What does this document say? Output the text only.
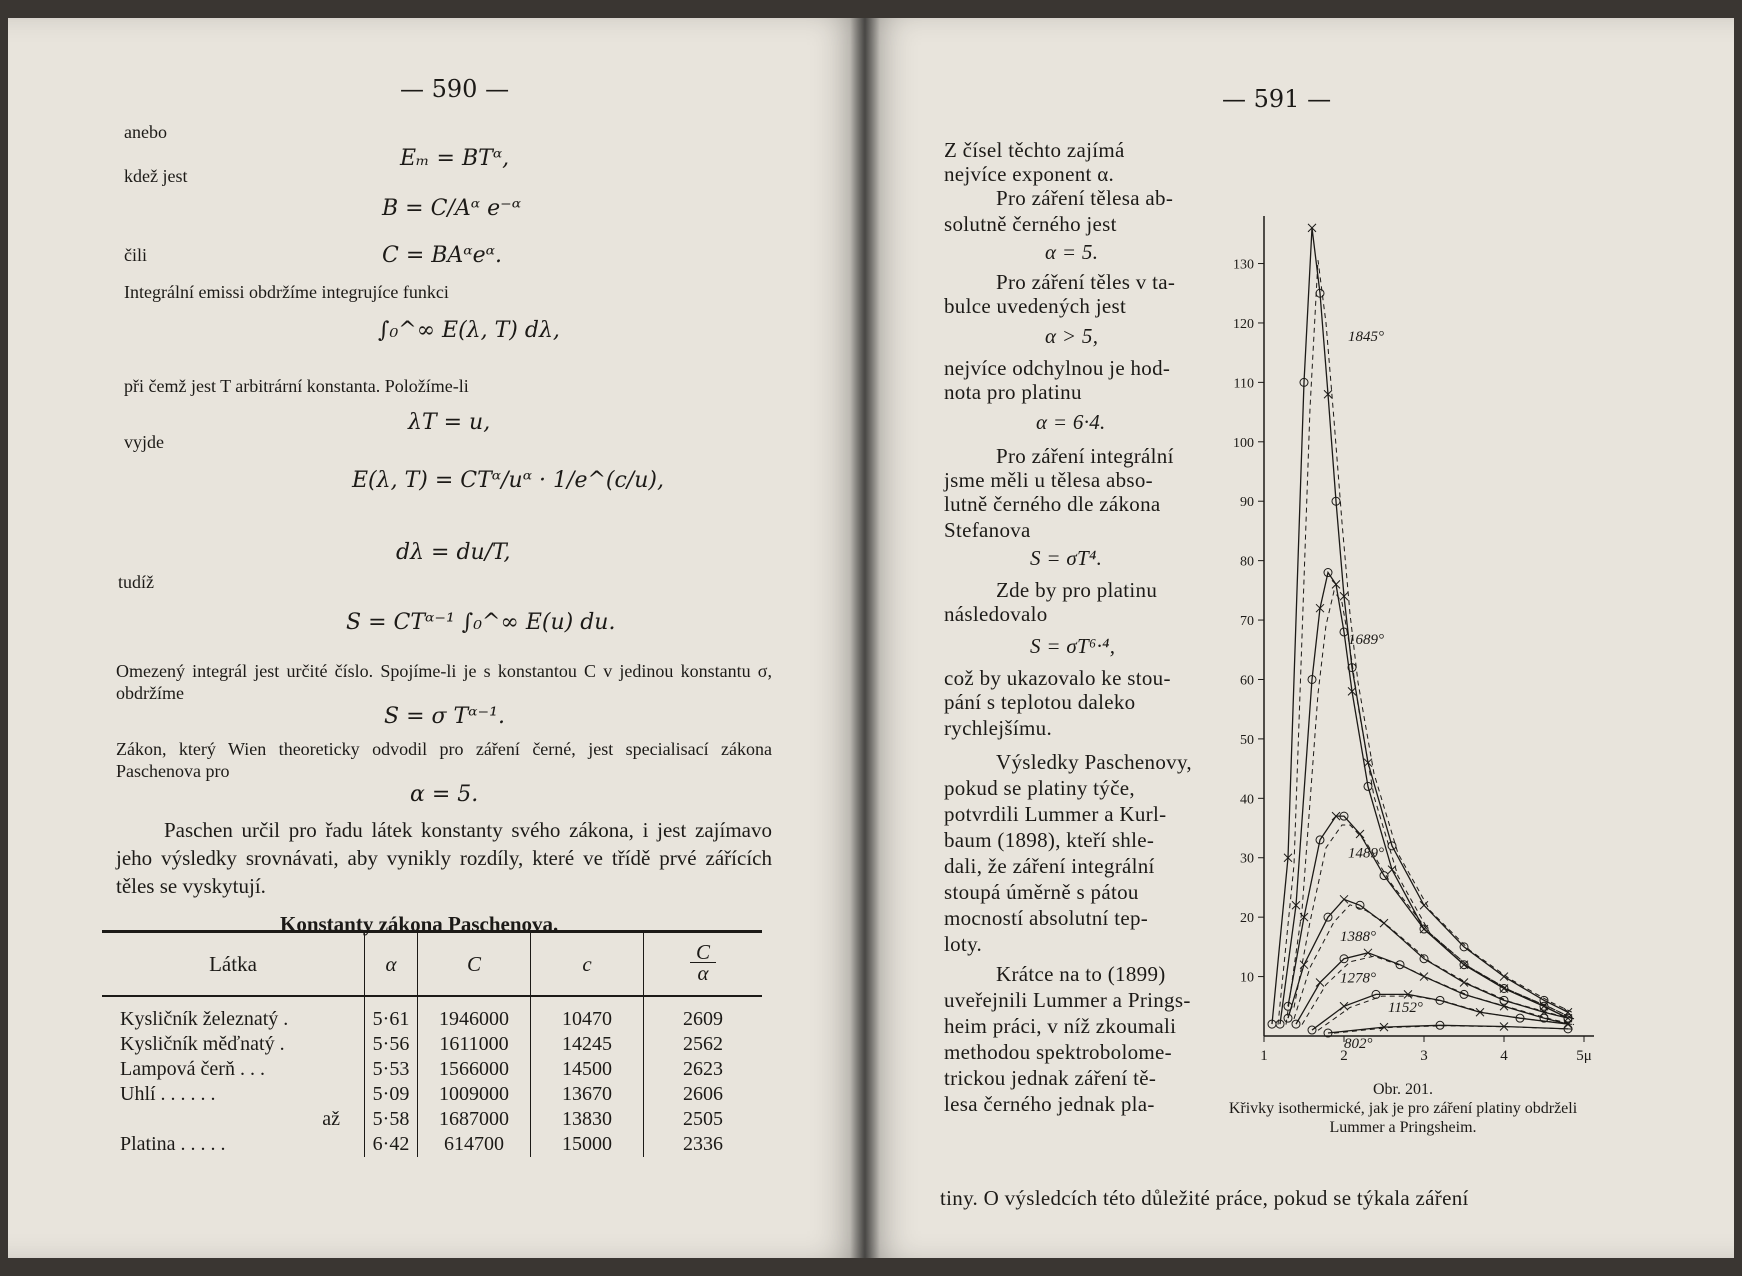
— 590 —
anebo
Eₘ = BTᵅ,
kdež jest
B = C/Aᵅ e⁻ᵅ
čili	C = BAᵅeᵅ.
Integrální emissi obdržíme integrujíce funkci
∫₀^∞ E(λ, T) dλ,
při čemž jest T arbitrární konstanta. Položíme-li
λT = u,
vyjde
E(λ, T) = CTᵅ/uᵅ · 1/e^(c/u),
dλ = du/T,
tudíž
S = CTᵅ⁻¹ ∫₀^∞ E(u) du.
Omezený integrál jest určité číslo. Spojíme-li je s konstantou C v jedinou konstantu σ, obdržíme
S = σ Tᵅ⁻¹.
Zákon, který Wien theoreticky odvodil pro záření černé, jest specialisací zákona Paschenova pro
α = 5.
Paschen určil pro řadu látek konstanty svého zákona, i jest zajímavo jeho výsledky srovnávati, aby vynikly rozdíly, které ve třídě prvé zářících těles se vyskytují.
Konstanty zákona Paschenova.
Látka	α	C	c	$\frac{C}{\alpha}$
Kysličník železnatý .	5·61	1946000	10470	2609
Kysličník měďnatý .	5·56	1611000	14245	2562
Lampová čerň . . .	5·53	1566000	14500	2623
Uhlí . . . . . .	5·09	1009000	13670	2606
až	5·58	1687000	13830	2505
Platina . . . . .	6·42	614700	15000	2336
— 591 —
Z čísel těchto zajímá
nejvíce exponent α.
Pro záření tělesa ab-
solutně černého jest
α = 5.
Pro záření těles v ta-
bulce uvedených jest
α > 5,
nejvíce odchylnou je hod-
nota pro platinu
α = 6·4.
Pro záření integrální
jsme měli u tělesa abso-
lutně černého dle zákona
Stefanova
S = σT⁴.
Zde by pro platinu
následovalo
S = σT⁶·⁴,
což by ukazovalo ke stou-
pání s teplotou daleko
rychlejšímu.
Výsledky Paschenovy,
pokud se platiny týče,
potvrdili Lummer a Kurl-
baum (1898), kteří shle-
dali, že záření integrální
stoupá úměrně s pátou
mocností absolutní tep-
loty.
Krátce na to (1899)
uveřejnili Lummer a Prings-
heim práci, v níž zkoumali
methodou spektrobolome-
trickou jednak záření tě-
lesa černého jednak pla-
tiny. O výsledcích této důležité práce, pokud se týkala záření
10
20
30
40
50
60
70
80
90
100
110
120
130
1	2	3	4	5μ
1845°
1689°
1489°
1388°
1278°
1152°
802°
Obr. 201.
Křivky isothermické, jak je pro záření platiny obdrželi Lummer a Pringsheim.
